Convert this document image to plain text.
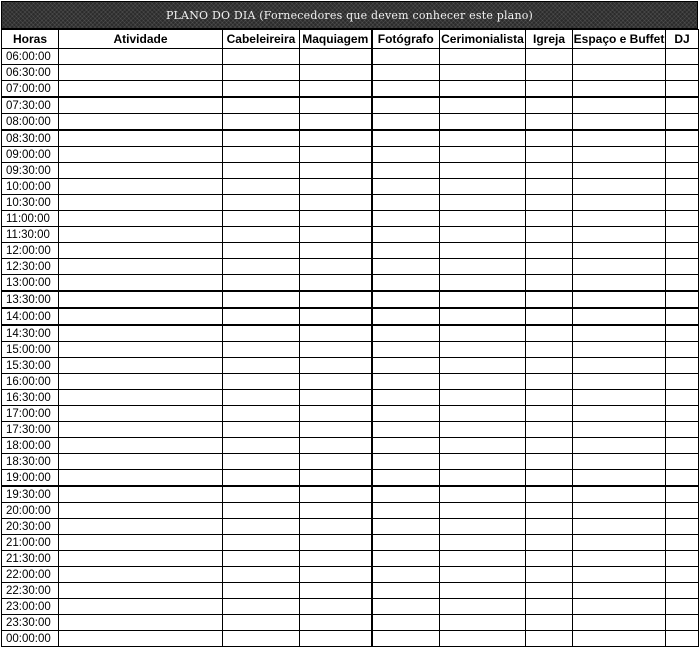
PLANO DO DIA (Fornecedores que devem conhecer este plano)
Horas	Atividade	Cabeleireira	Maquiagem	Fotógrafo	Cerimonialista	Igreja	Espaço e Buffet	DJ
06:00:00								
06:30:00								
07:00:00								
07:30:00								
08:00:00								
08:30:00								
09:00:00								
09:30:00								
10:00:00								
10:30:00								
11:00:00								
11:30:00								
12:00:00								
12:30:00								
13:00:00								
13:30:00								
14:00:00								
14:30:00								
15:00:00								
15:30:00								
16:00:00								
16:30:00								
17:00:00								
17:30:00								
18:00:00								
18:30:00								
19:00:00								
19:30:00								
20:00:00								
20:30:00								
21:00:00								
21:30:00								
22:00:00								
22:30:00								
23:00:00								
23:30:00								
00:00:00								
